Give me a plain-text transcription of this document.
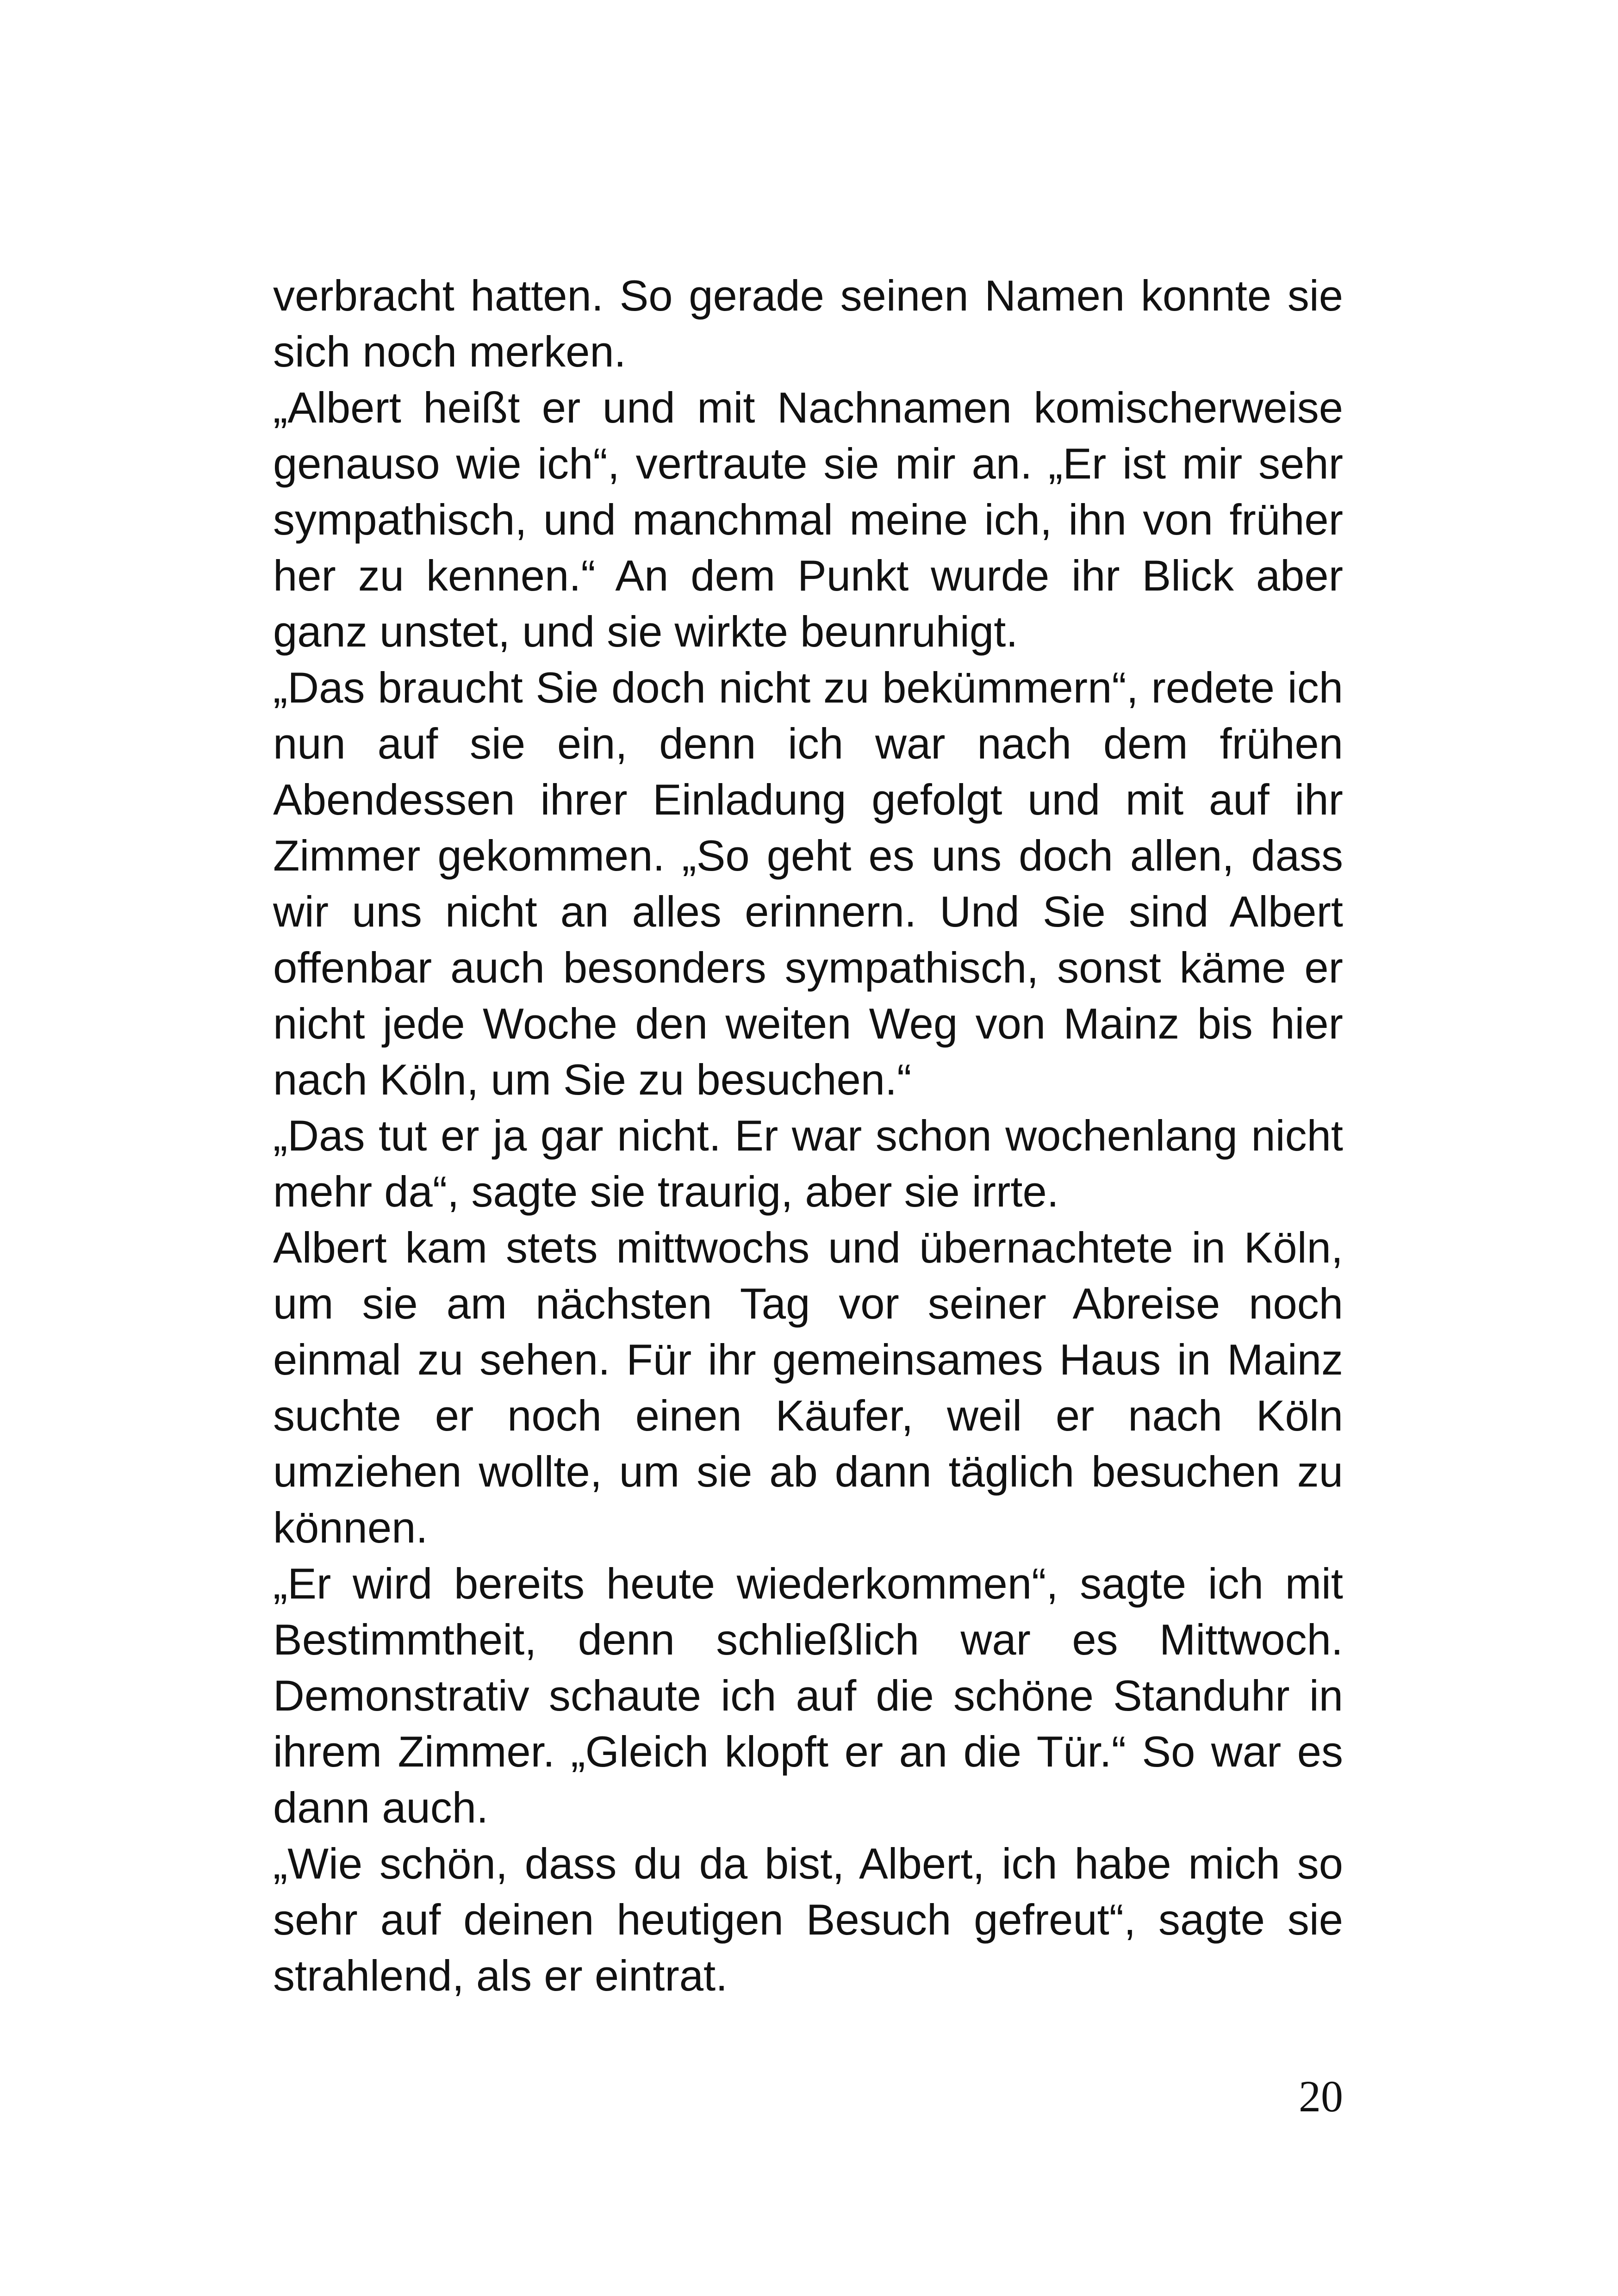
verbracht hatten. So gerade seinen Namen konnte sie sich noch merken.

„Albert heißt er und mit Nachnamen komischerweise genauso wie ich“, vertraute sie mir an. „Er ist mir sehr sympathisch, und manchmal meine ich, ihn von früher her zu kennen.“ An dem Punkt wurde ihr Blick aber ganz unstet, und sie wirkte beunruhigt.

„Das braucht Sie doch nicht zu bekümmern“, redete ich nun auf sie ein, denn ich war nach dem frühen Abendessen ihrer Einladung gefolgt und mit auf ihr Zimmer gekommen. „So geht es uns doch allen, dass wir uns nicht an alles erinnern. Und Sie sind Albert offenbar auch besonders sympathisch, sonst käme er nicht jede Woche den weiten Weg von Mainz bis hier nach Köln, um Sie zu besuchen.“

„Das tut er ja gar nicht. Er war schon wochenlang nicht mehr da“, sagte sie traurig, aber sie irrte.

Albert kam stets mittwochs und übernachtete in Köln, um sie am nächsten Tag vor seiner Abreise noch einmal zu sehen. Für ihr gemeinsames Haus in Mainz suchte er noch einen Käufer, weil er nach Köln umziehen wollte, um sie ab dann täglich besuchen zu können.

„Er wird bereits heute wiederkommen“, sagte ich mit Bestimmtheit, denn schließlich war es Mittwoch. Demonstrativ schaute ich auf die schöne Standuhr in ihrem Zimmer. „Gleich klopft er an die Tür.“ So war es dann auch.

„Wie schön, dass du da bist, Albert, ich habe mich so sehr auf deinen heutigen Besuch gefreut“, sagte sie strahlend, als er eintrat.

20
